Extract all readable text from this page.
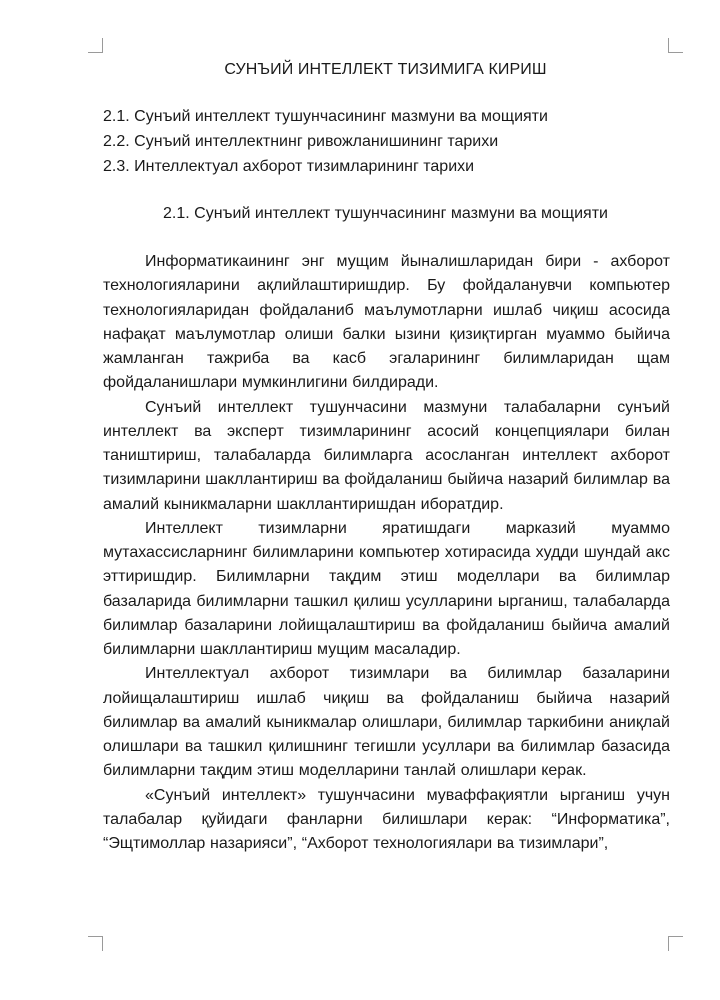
СУНЪИЙ ИНТЕЛЛЕКТ ТИЗИМИГА КИРИШ
2.1. Сунъий интеллект тушунчасининг мазмуни ва мощияти
2.2. Сунъий интеллектнинг ривожланишининг тарихи
2.3. Интеллектуал ахборот тизимларининг тарихи
2.1. Сунъий интеллект тушунчасининг мазмуни ва мощияти

Информатикаининг энг мущим йыналишларидан бири - ахборот технологияларини ақлийлаштиришдир. Бу фойдаланувчи компьютер технологияларидан фойдаланиб маълумотларни ишлаб чиқиш асосида нафақат маълумотлар олиши балки ызини қизиқтирган муаммо быйича жамланган тажриба ва касб эгаларининг билимларидан щам фойдаланишлари мумкинлигини билдиради.

Сунъий интеллект тушунчасини мазмуни талабаларни сунъий интеллект ва эксперт тизимларининг асосий концепциялари билан таништириш, талабаларда билимларга асосланган интеллект ахборот тизимларини шакллантириш ва фойдаланиш быйича назарий билимлар ва амалий кыникмаларни шакллантиришдан иборатдир.

Интеллект тизимларни яратишдаги марказий муаммо мутахассисларнинг билимларини компьютер хотирасида худди шундай акс эттиришдир. Билимларни тақдим этиш моделлари ва билимлар базаларида билимларни ташкил қилиш усулларини ырганиш, талабаларда билимлар базаларини лойищалаштириш ва фойдаланиш быйича амалий билимларни шакллантириш мущим масаладир.

Интеллектуал ахборот тизимлари ва билимлар базаларини лойищалаштириш ишлаб чиқиш ва фойдаланиш быйича назарий билимлар ва амалий кыникмалар олишлари, билимлар таркибини аниқлай олишлари ва ташкил қилишнинг тегишли усуллари ва билимлар базасида билимларни тақдим этиш моделларини танлай олишлари керак.

«Сунъий интеллект» тушунчасини муваффақиятли ырганиш учун талабалар қуйидаги фанларни билишлари керак: “Информатика”, “Эщтимоллар назарияси”, “Ахборот технологиялари ва тизимлари”,
